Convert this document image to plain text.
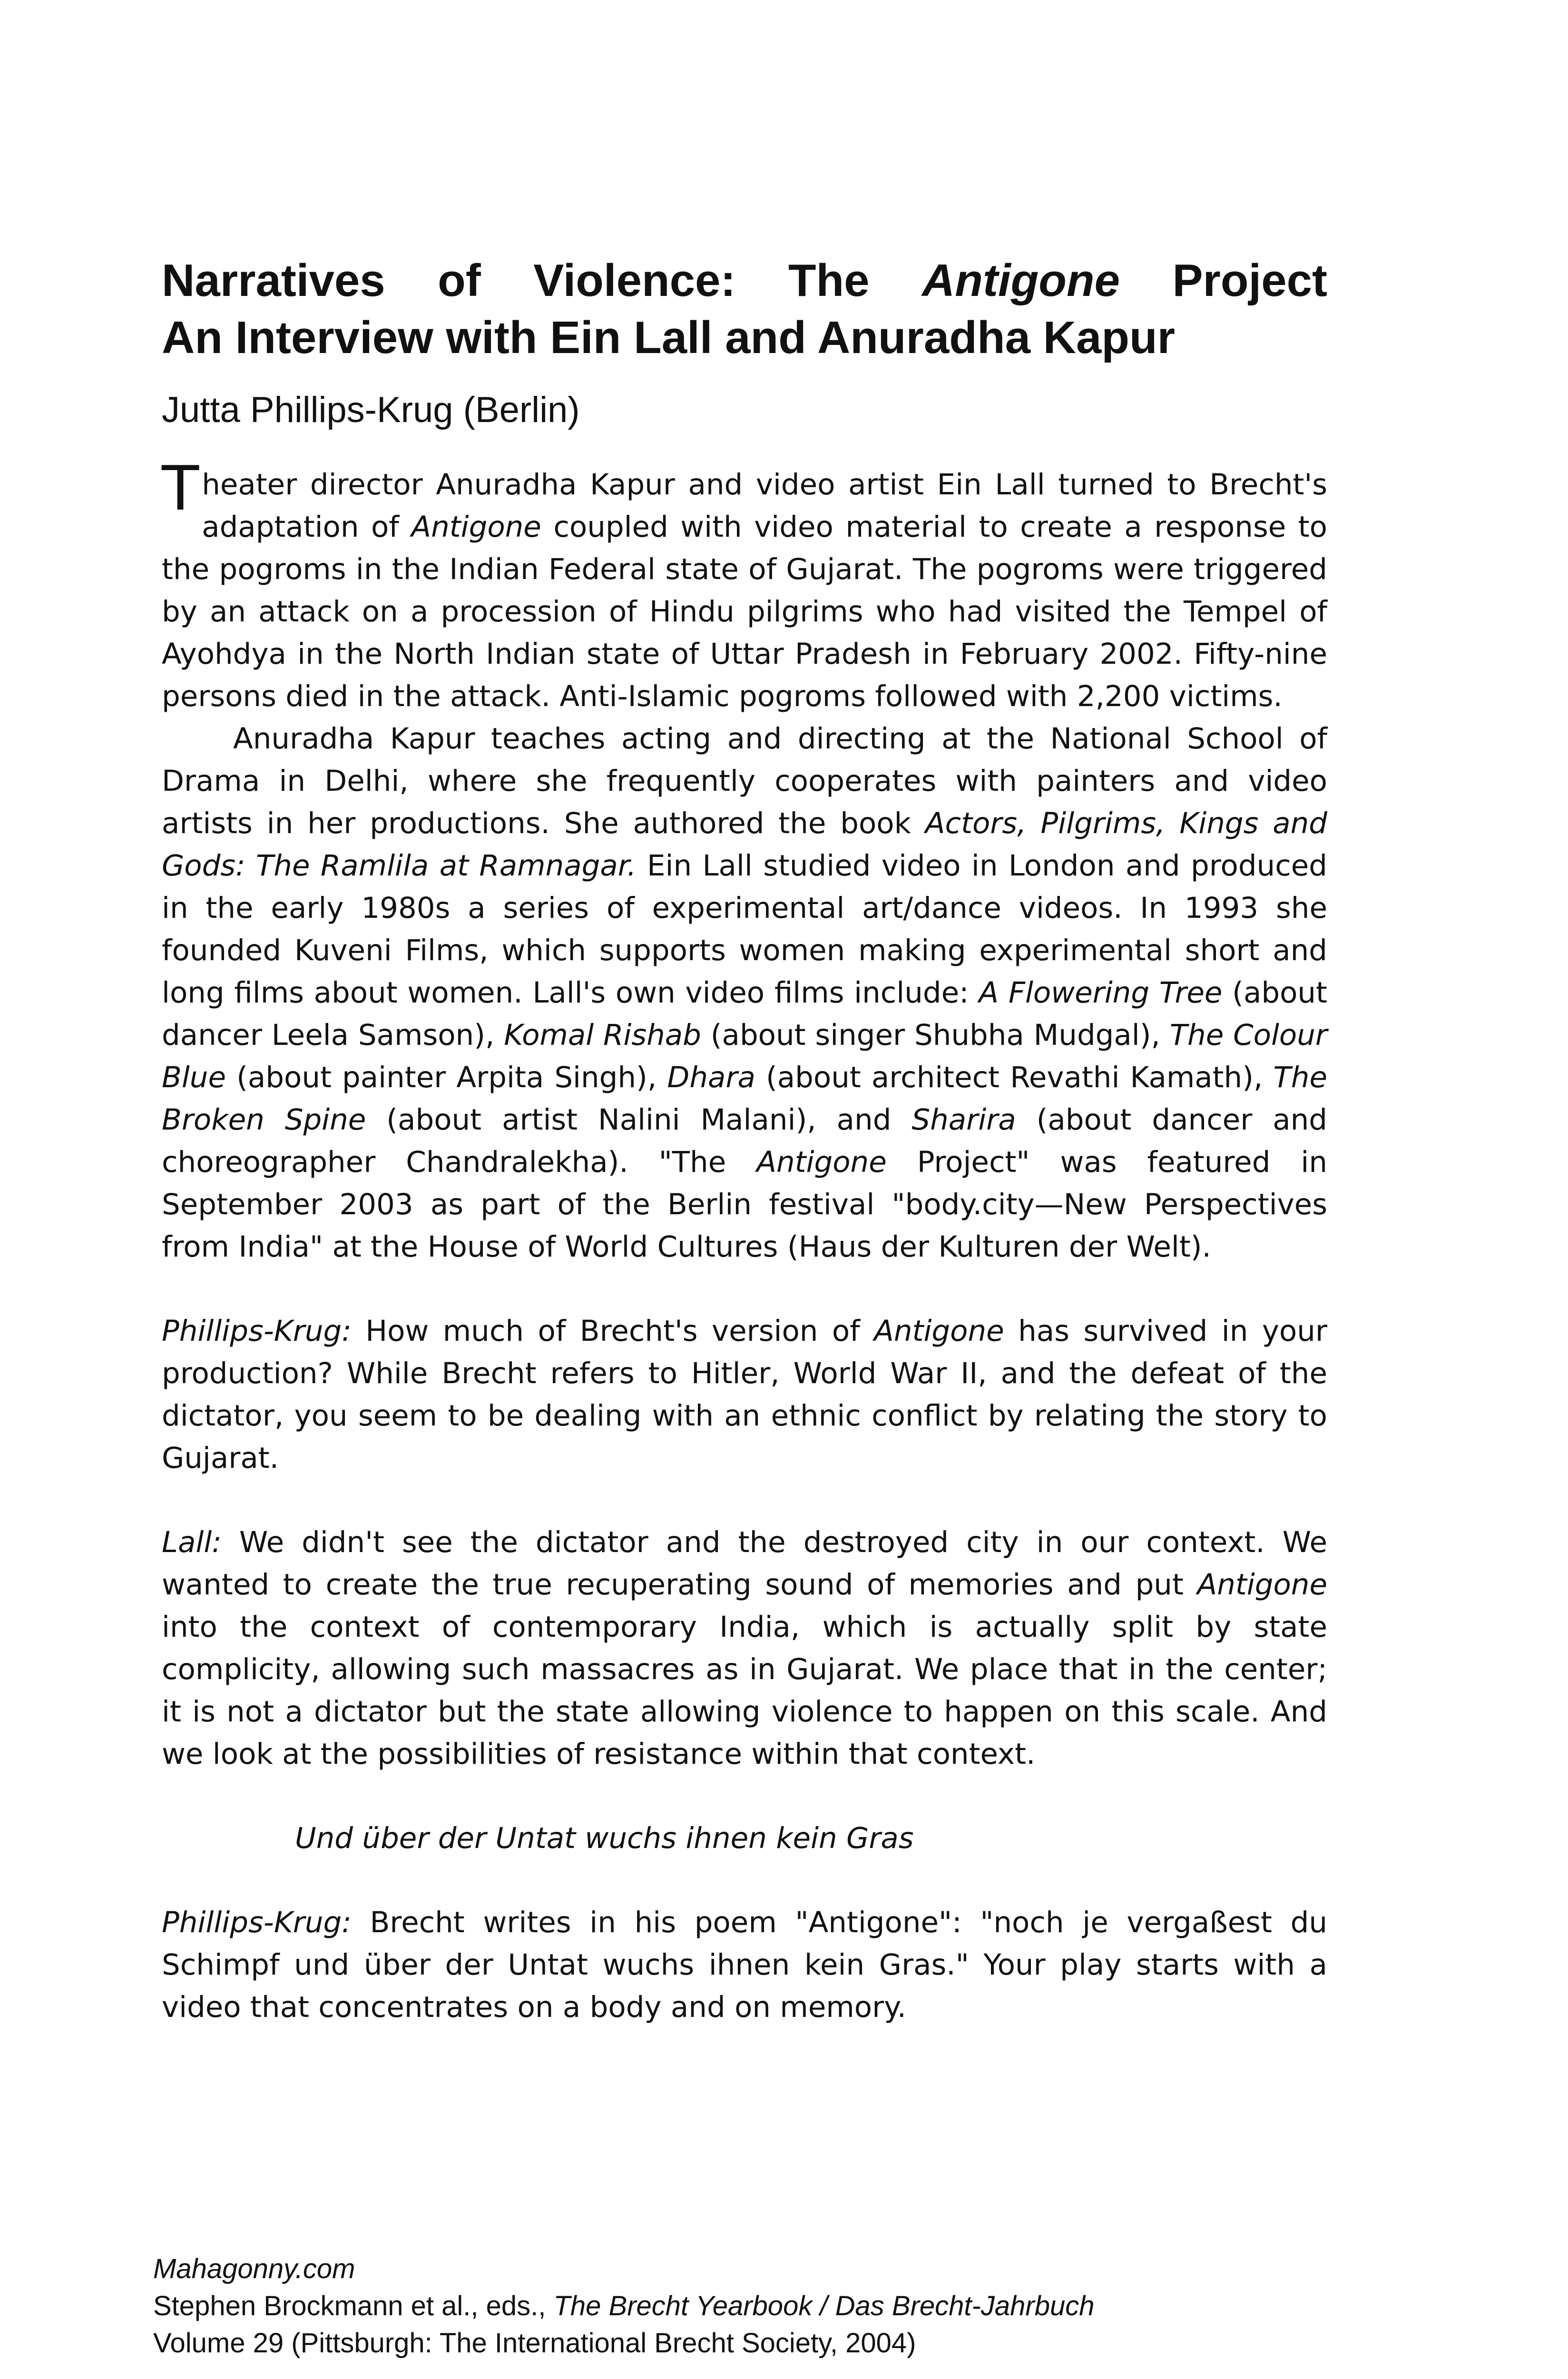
Narratives of Violence: The Antigone Project
An Interview with Ein Lall and Anuradha Kapur
Jutta Phillips-Krug (Berlin)

Theater director Anuradha Kapur and video artist Ein Lall turned to Brecht's adaptation of Antigone coupled with video material to create a response to the pogroms in the Indian Federal state of Gujarat. The pogroms were triggered by an attack on a procession of Hindu pilgrims who had visited the Tempel of Ayohdya in the North Indian state of Uttar Pradesh in February 2002. Fifty-nine persons died in the attack. Anti-Islamic pogroms followed with 2,200 victims.

Anuradha Kapur teaches acting and directing at the National School of Drama in Delhi, where she frequently cooperates with painters and video artists in her productions. She authored the book Actors, Pilgrims, Kings and Gods: The Ramlila at Ramnagar. Ein Lall studied video in London and produced in the early 1980s a series of experimental art/dance videos. In 1993 she founded Kuveni Films, which supports women making experimental short and long films about women. Lall's own video films include: A Flowering Tree (about dancer Leela Samson), Komal Rishab (about singer Shubha Mudgal), The Colour Blue (about painter Arpita Singh), Dhara (about architect Revathi Kamath), The Broken Spine (about artist Nalini Malani), and Sharira (about dancer and choreographer Chandralekha). "The Antigone Project" was featured in September 2003 as part of the Berlin festival "body.city—New Perspectives from India" at the House of World Cultures (Haus der Kulturen der Welt).

Phillips-Krug: How much of Brecht's version of Antigone has survived in your production? While Brecht refers to Hitler, World War II, and the defeat of the dictator, you seem to be dealing with an ethnic conflict by relating the story to Gujarat.

Lall: We didn't see the dictator and the destroyed city in our context. We wanted to create the true recuperating sound of memories and put Antigone into the context of contemporary India, which is actually split by state complicity, allowing such massacres as in Gujarat. We place that in the center; it is not a dictator but the state allowing violence to happen on this scale. And we look at the possibilities of resistance within that context.

Und über der Untat wuchs ihnen kein Gras

Phillips-Krug: Brecht writes in his poem "Antigone": "noch je vergaßest du Schimpf und über der Untat wuchs ihnen kein Gras." Your play starts with a video that concentrates on a body and on memory.

Mahagonny.com
Stephen Brockmann et al., eds., The Brecht Yearbook / Das Brecht-Jahrbuch
Volume 29 (Pittsburgh: The International Brecht Society, 2004)
